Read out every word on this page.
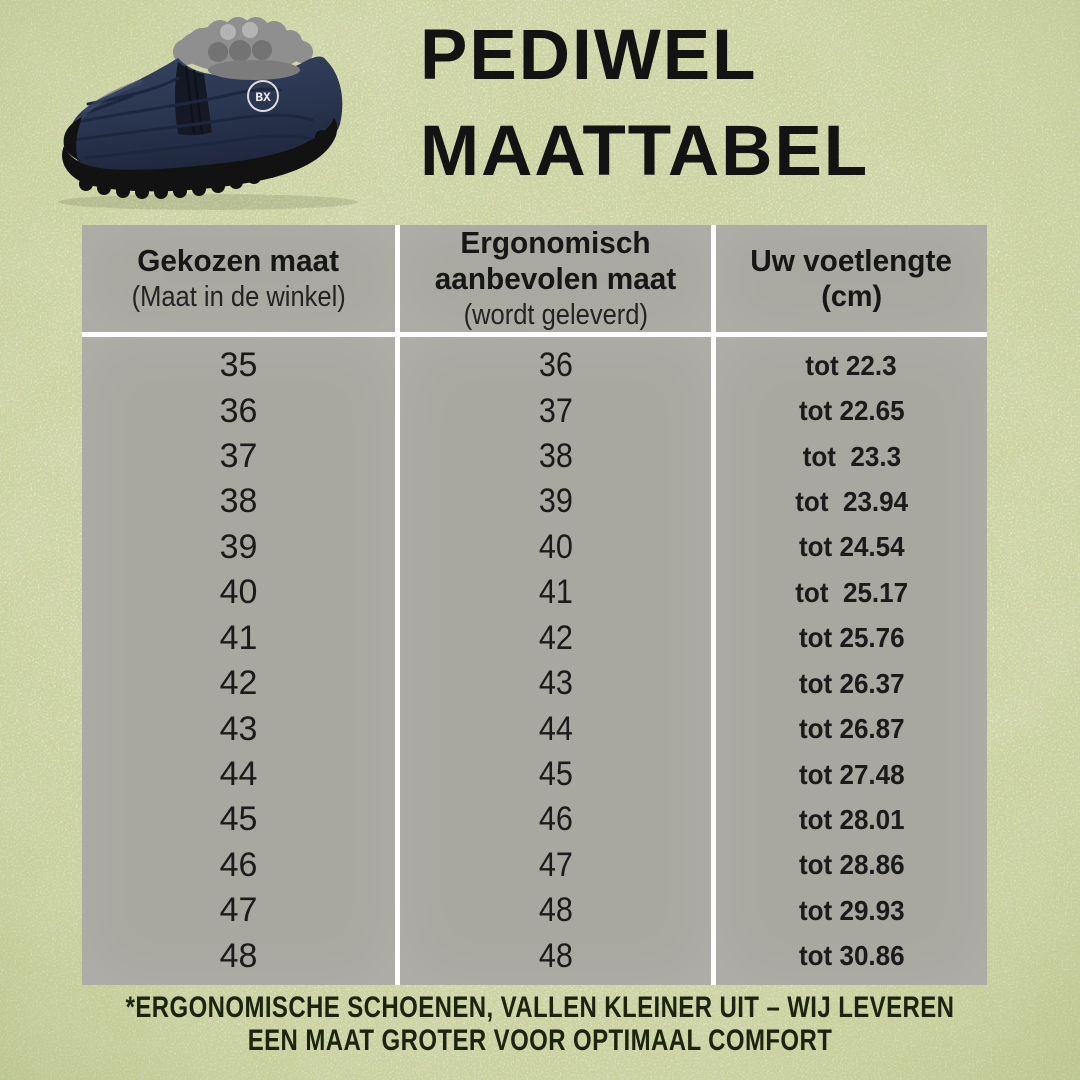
BX
PEDIWEL
MAATTABEL
Gekozen maat
(Maat in de winkel)
Ergonomisch aanbevolen maat
(wordt geleverd)
Uw voetlengte
(cm)
35
36
37
38
39
40
41
42
43
44
45
46
47
48
36
37
38
39
40
41
42
43
44
45
46
47
48
48
tot 22.3
tot 22.65
tot  23.3
tot  23.94
tot 24.54
tot  25.17
tot 25.76
tot 26.37
tot 26.87
tot 27.48
tot 28.01
tot 28.86
tot 29.93
tot 30.86
*ERGONOMISCHE SCHOENEN, VALLEN KLEINER UIT – WIJ LEVEREN
EEN MAAT GROTER VOOR OPTIMAAL COMFORT
